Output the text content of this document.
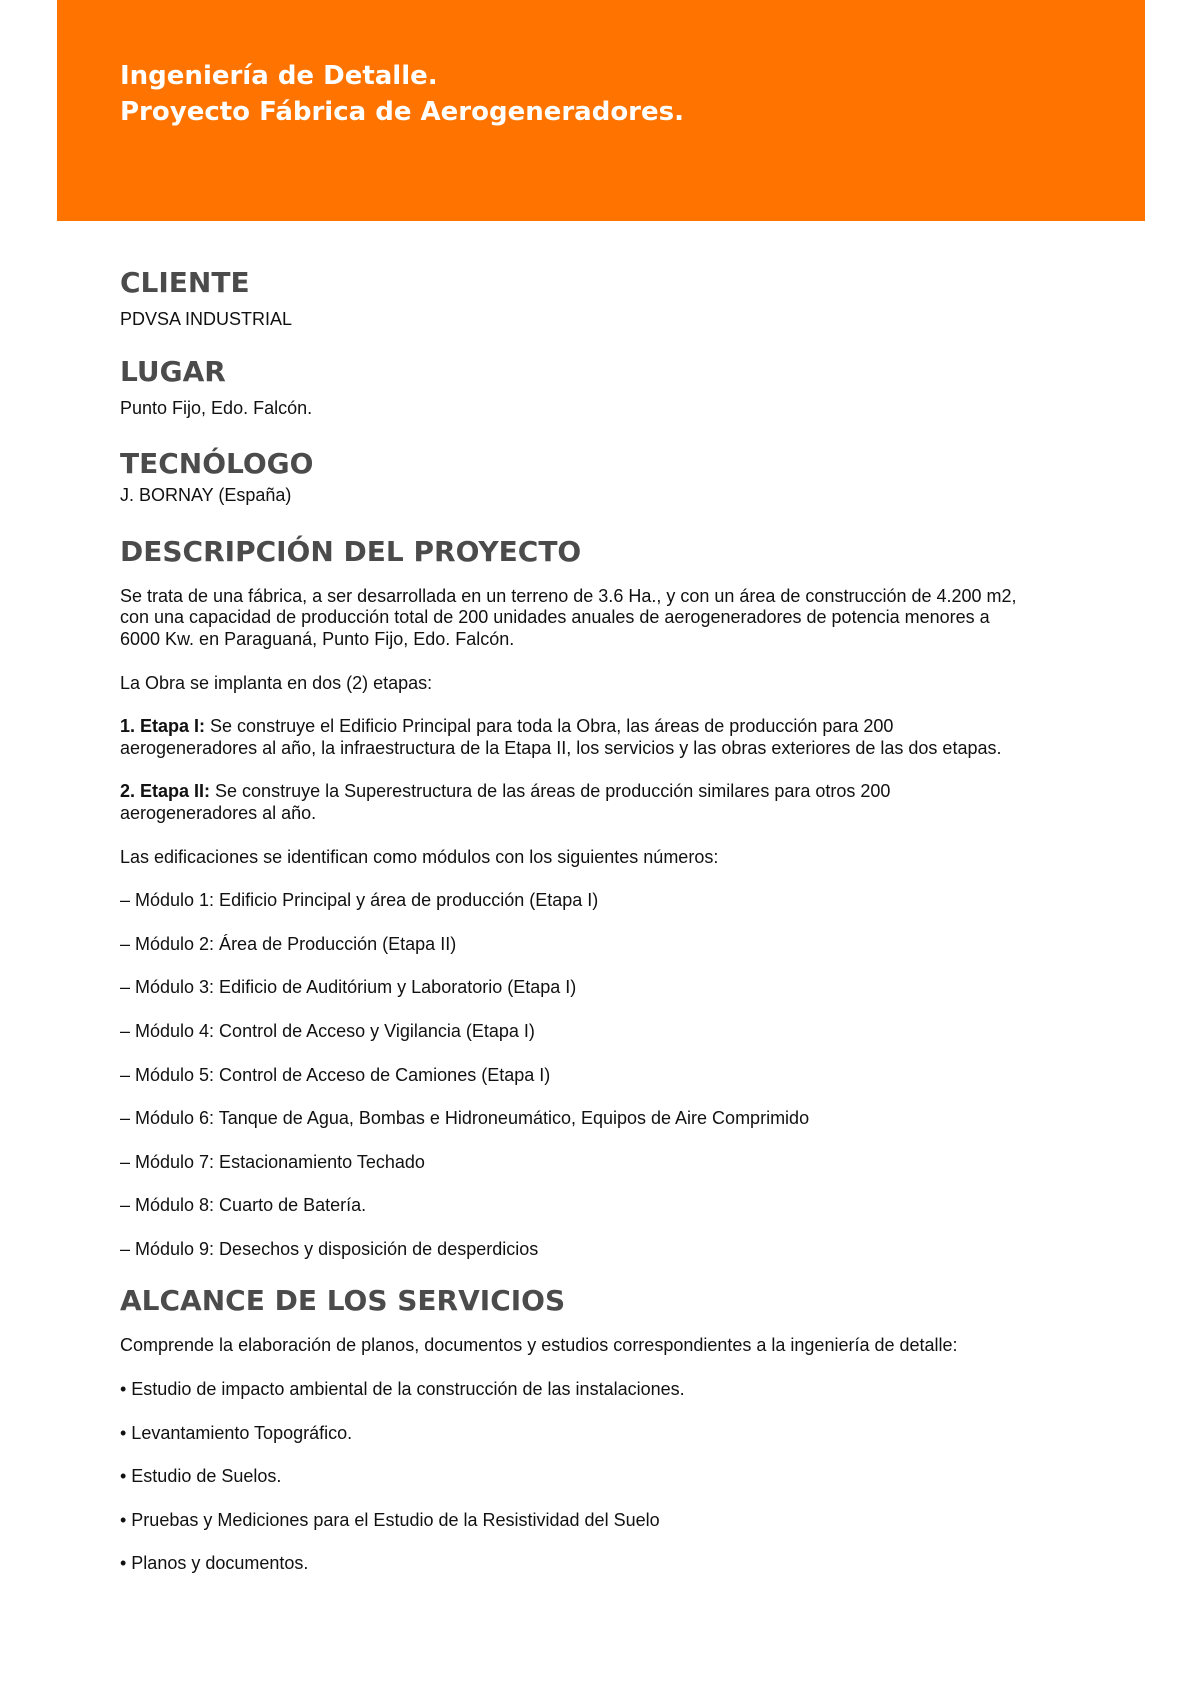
Ingeniería de Detalle.
Proyecto Fábrica de Aerogeneradores.
CLIENTE

PDVSA INDUSTRIAL

LUGAR

Punto Fijo, Edo. Falcón.

TECNÓLOGO

J. BORNAY (España)

DESCRIPCIÓN DEL PROYECTO

Se trata de una fábrica, a ser desarrollada en un terreno de 3.6 Ha., y con un área de construcción de 4.200 m2, con una capacidad de producción total de 200 unidades anuales de aerogeneradores de potencia menores a 6000 Kw. en Paraguaná, Punto Fijo, Edo. Falcón.

La Obra se implanta en dos (2) etapas:

1. Etapa I: Se construye el Edificio Principal para toda la Obra, las áreas de producción para 200 aerogeneradores al año, la infraestructura de la Etapa II, los servicios y las obras exteriores de las dos etapas.

2. Etapa II: Se construye la Superestructura de las áreas de producción similares para otros 200 aerogeneradores al año.

Las edificaciones se identifican como módulos con los siguientes números:

– Módulo 1: Edificio Principal y área de producción (Etapa I)

– Módulo 2: Área de Producción (Etapa II)

– Módulo 3: Edificio de Auditórium y Laboratorio (Etapa I)

– Módulo 4: Control de Acceso y Vigilancia (Etapa I)

– Módulo 5: Control de Acceso de Camiones (Etapa I)

– Módulo 6: Tanque de Agua, Bombas e Hidroneumático, Equipos de Aire Comprimido

– Módulo 7: Estacionamiento Techado

– Módulo 8: Cuarto de Batería.

– Módulo 9: Desechos y disposición de desperdicios

ALCANCE DE LOS SERVICIOS

Comprende la elaboración de planos, documentos y estudios correspondientes a la ingeniería de detalle:

• Estudio de impacto ambiental de la construcción de las instalaciones.

• Levantamiento Topográfico.

• Estudio de Suelos.

• Pruebas y Mediciones para el Estudio de la Resistividad del Suelo

• Planos y documentos.
